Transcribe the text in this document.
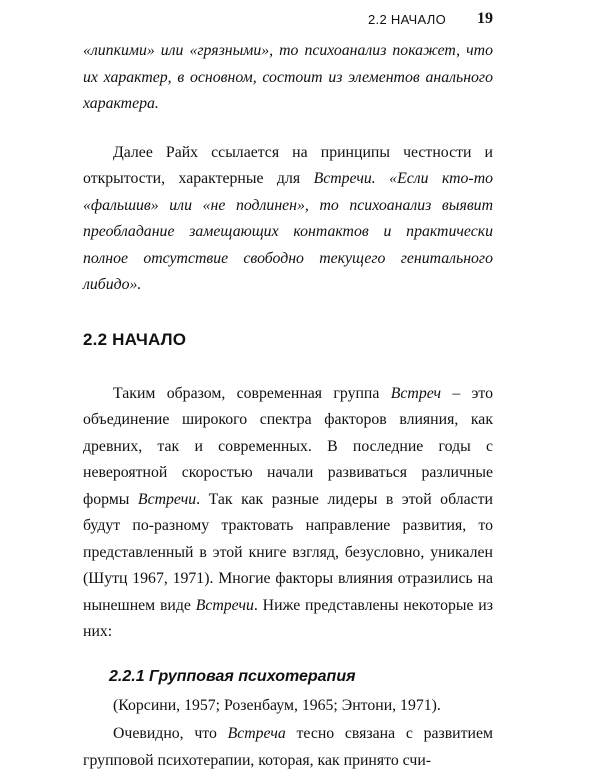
2.2 НАЧАЛО 19

«липкими» или «грязными», то психоанализ покажет, что их характер, в основном, состоит из элементов анального характера.

Далее Райх ссылается на принципы честности и открытости, характерные для Встречи. «Если кто-то «фальшив» или «не подлинен», то психоанализ выявит преобладание замещающих контактов и практически полное отсутствие свободно текущего генитального либидо».

2.2 НАЧАЛО

Таким образом, современная группа Встреч – это объединение широкого спектра факторов влияния, как древних, так и современных. В последние годы с невероятной скоростью начали развиваться различные формы Встречи. Так как разные лидеры в этой области будут по-разному трактовать направление развития, то представленный в этой книге взгляд, безусловно, уникален (Шутц 1967, 1971). Многие факторы влияния отразились на нынешнем виде Встречи. Ниже представлены некоторые из них:

2.2.1 Групповая психотерапия

(Корсини, 1957; Розенбаум, 1965; Энтони, 1971).

Очевидно, что Встреча тесно связана с развитием групповой психотерапии, которая, как принято счи-
